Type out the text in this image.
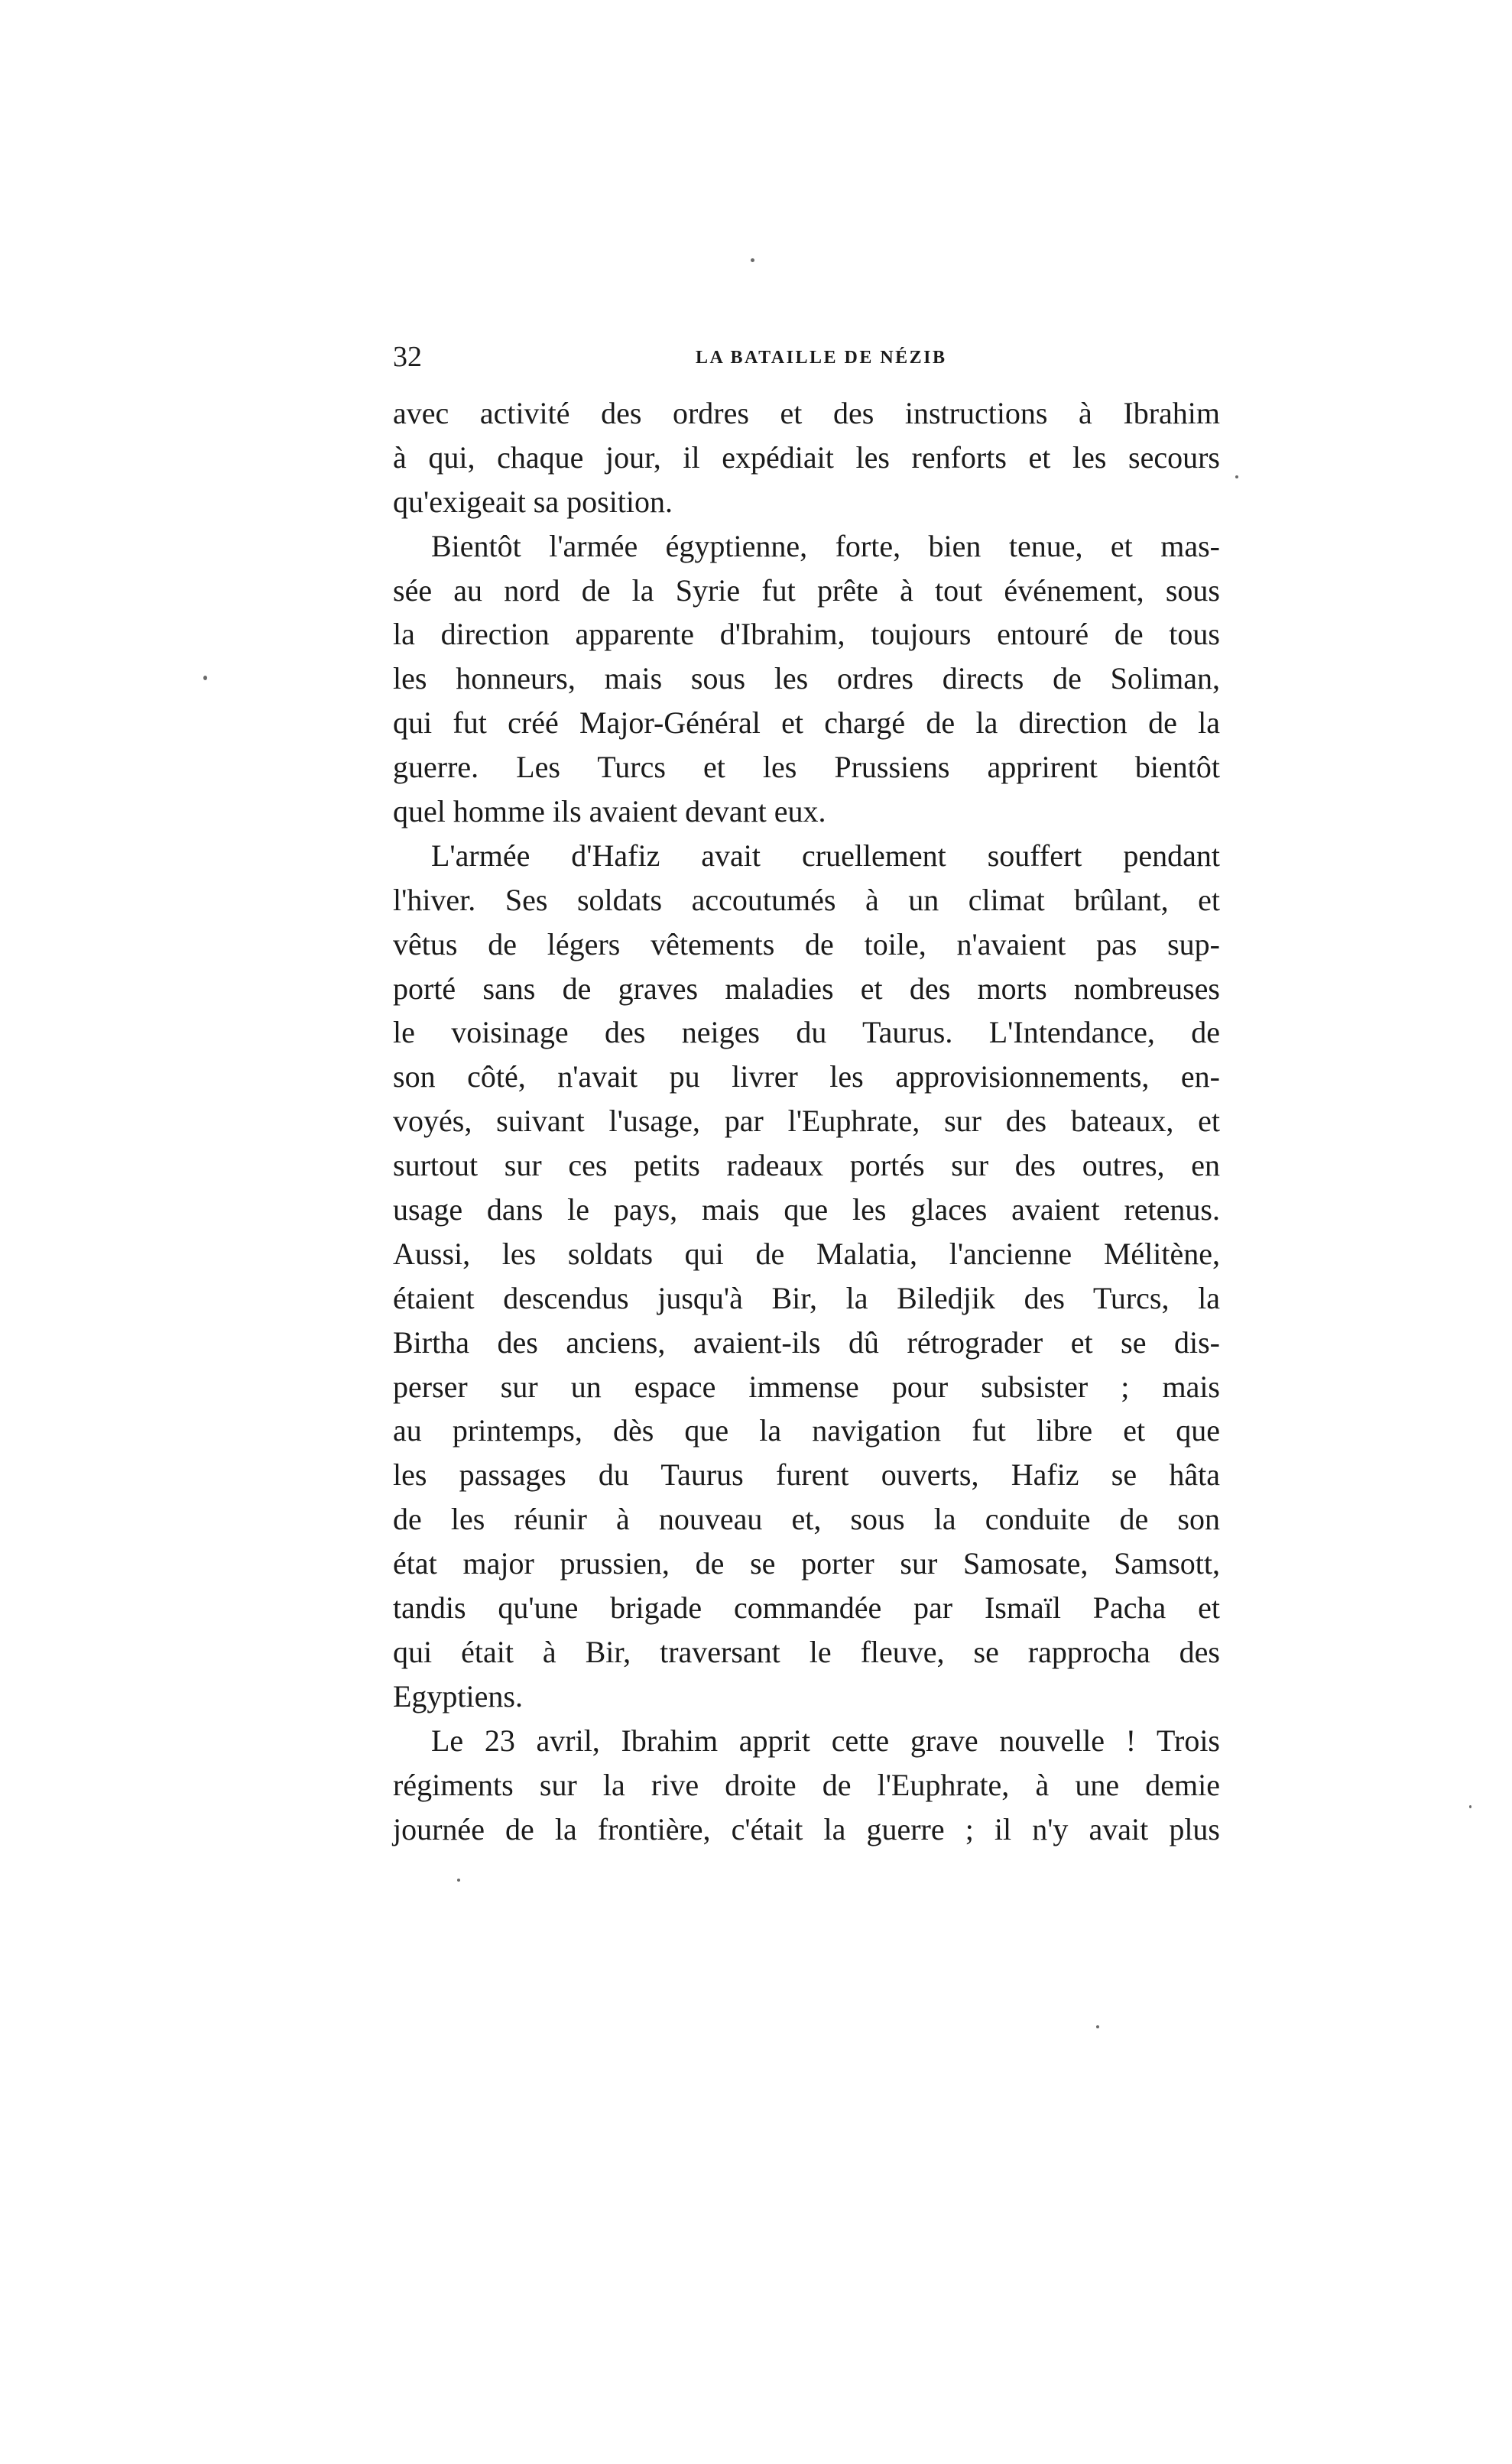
32	LA BATAILLE DE NÉZIB
avec activité des ordres et des instructions à Ibrahim
à qui, chaque jour, il expédiait les renforts et les secours
qu'exigeait sa position.
Bientôt l'armée égyptienne, forte, bien tenue, et mas-
sée au nord de la Syrie fut prête à tout événement, sous
la direction apparente d'Ibrahim, toujours entouré de tous
les honneurs, mais sous les ordres directs de Soliman,
qui fut créé Major-Général et chargé de la direction de la
guerre. Les Turcs et les Prussiens apprirent bientôt
quel homme ils avaient devant eux.
L'armée d'Hafiz avait cruellement souffert pendant
l'hiver. Ses soldats accoutumés à un climat brûlant, et
vêtus de légers vêtements de toile, n'avaient pas sup-
porté sans de graves maladies et des morts nombreuses
le voisinage des neiges du Taurus. L'Intendance, de
son côté, n'avait pu livrer les approvisionnements, en-
voyés, suivant l'usage, par l'Euphrate, sur des bateaux, et
surtout sur ces petits radeaux portés sur des outres, en
usage dans le pays, mais que les glaces avaient retenus.
Aussi, les soldats qui de Malatia, l'ancienne Mélitène,
étaient descendus jusqu'à Bir, la Biledjik des Turcs, la
Birtha des anciens, avaient-ils dû rétrograder et se dis-
perser sur un espace immense pour subsister ; mais
au printemps, dès que la navigation fut libre et que
les passages du Taurus furent ouverts, Hafiz se hâta
de les réunir à nouveau et, sous la conduite de son
état major prussien, de se porter sur Samosate, Samsott,
tandis qu'une brigade commandée par Ismaïl Pacha et
qui était à Bir, traversant le fleuve, se rapprocha des
Egyptiens.
Le 23 avril, Ibrahim apprit cette grave nouvelle ! Trois
régiments sur la rive droite de l'Euphrate, à une demie
journée de la frontière, c'était la guerre ; il n'y avait plus
